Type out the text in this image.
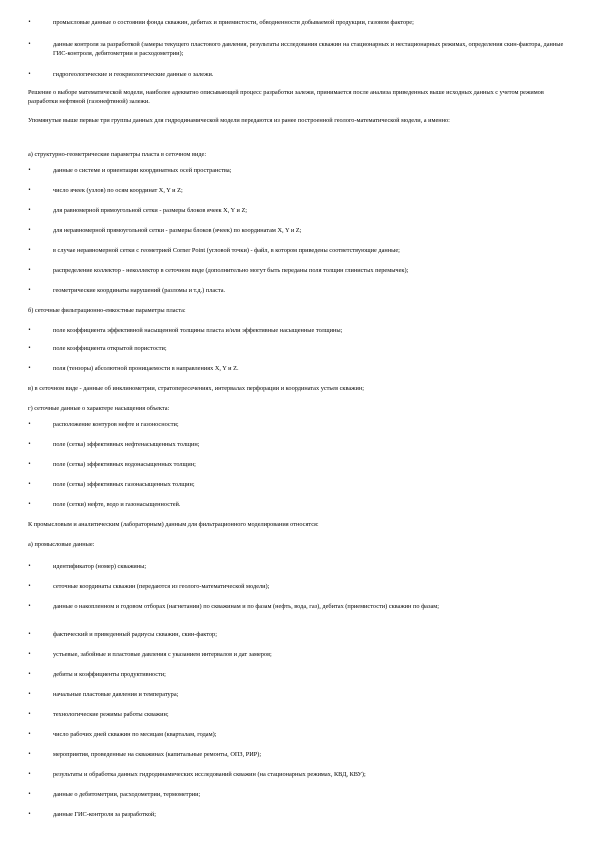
•	промысловые данные о состоянии фонда скважин, дебитах и приемистости, обводненности добываемой продукции, газовом факторе;
•	данные контроля за разработкой (замеры текущего пластового давления, результаты исследования скважин на стационарных и нестационарных режимах, определения скин-фактора, данные ГИС-контроля, дебитометрии и расходометрии);
•	гидрогеологические и геокриологические данные о залежи.
Решение о выборе математической модели, наиболее адекватно описывающей процесс разработки залежи, принимается после анализа приведенных выше исходных данных с учетом режимов разработки нефтяной (газонефтяной) залежи.
Упомянутые выше первые три группы данных для гидродинамической модели передаются из ранее построенной геолого-математической модели, а именно:
а) структурно-геометрические параметры пласта в сеточном виде:
•	данные о системе и ориентации координатных осей пространства;
•	число ячеек (узлов) по осям координат X, Y и Z;
•	для равномерной прямоугольной сетки - размеры блоков ячеек X, Y и Z;
•	для неравномерной прямоугольной сетки - размеры блоков (ячеек) по координатам X, Y и Z;
•	в случае неравномерной сетки с геометрией Corner Point (угловой точки) - файл, в котором приведены соответствующие данные;
•	распределение коллектор - неколлектор в сеточном виде (дополнительно могут быть переданы поля толщин глинистых перемычек);
•	геометрические координаты нарушений (разломы и т.д.) пласта.
б) сеточные фильтрационно-емкостные параметры пласта:
•	поле коэффициента эффективной насыщенной толщины пласта и/или эффективные насыщенные толщины;
•	поле коэффициента открытой пористости;
•	поля (тензоры) абсолютной проницаемости в направлениях X, Y и Z.
в) в сеточном виде - данные об инклинометрии, стратопересечениях, интервалах перфорации и координатах устьев скважин;
г) сеточные данные о характере насыщения объекта:
•	расположение контуров нефте и газоносности;
•	поле (сетка) эффективных нефтенасыщенных толщин;
•	поле (сетка) эффективных водонасыщенных толщин;
•	поле (сетка) эффективных газонасыщенных толщин;
•	поле (сетки) нефте, водо и газонасыщенностей.
К промысловым и аналитическим (лабораторным) данным для фильтрационного моделирования относятся:
а) промысловые данные:
•	идентификатор (номер) скважины;
•	сеточные координаты скважин (передаются из геолого-математической модели);
•	данные о накопленном и годовом отборах (нагнетании) по скважинам и по фазам (нефть, вода, газ), дебитах (приемистости) скважин по фазам;
•	фактический и приведенный радиусы скважин, скин-фактор;
•	устьевые, забойные и пластовые давления с указанием интервалов и дат замеров;
•	дебиты и коэффициенты продуктивности;
•	начальные пластовые давления и температура;
•	технологические режимы работы скважин;
•	число рабочих дней скважин по месяцам (кварталам, годам);
•	мероприятия, проведенные на скважинах (капитальные ремонты, ОПЗ, РИР);
•	результаты и обработка данных гидродинамических исследований скважин (на стационарных режимах, КВД, КВУ);
•	данные о дебитометрии, расходометрии, термометрии;
•	данные ГИС-контроля за разработкой;
